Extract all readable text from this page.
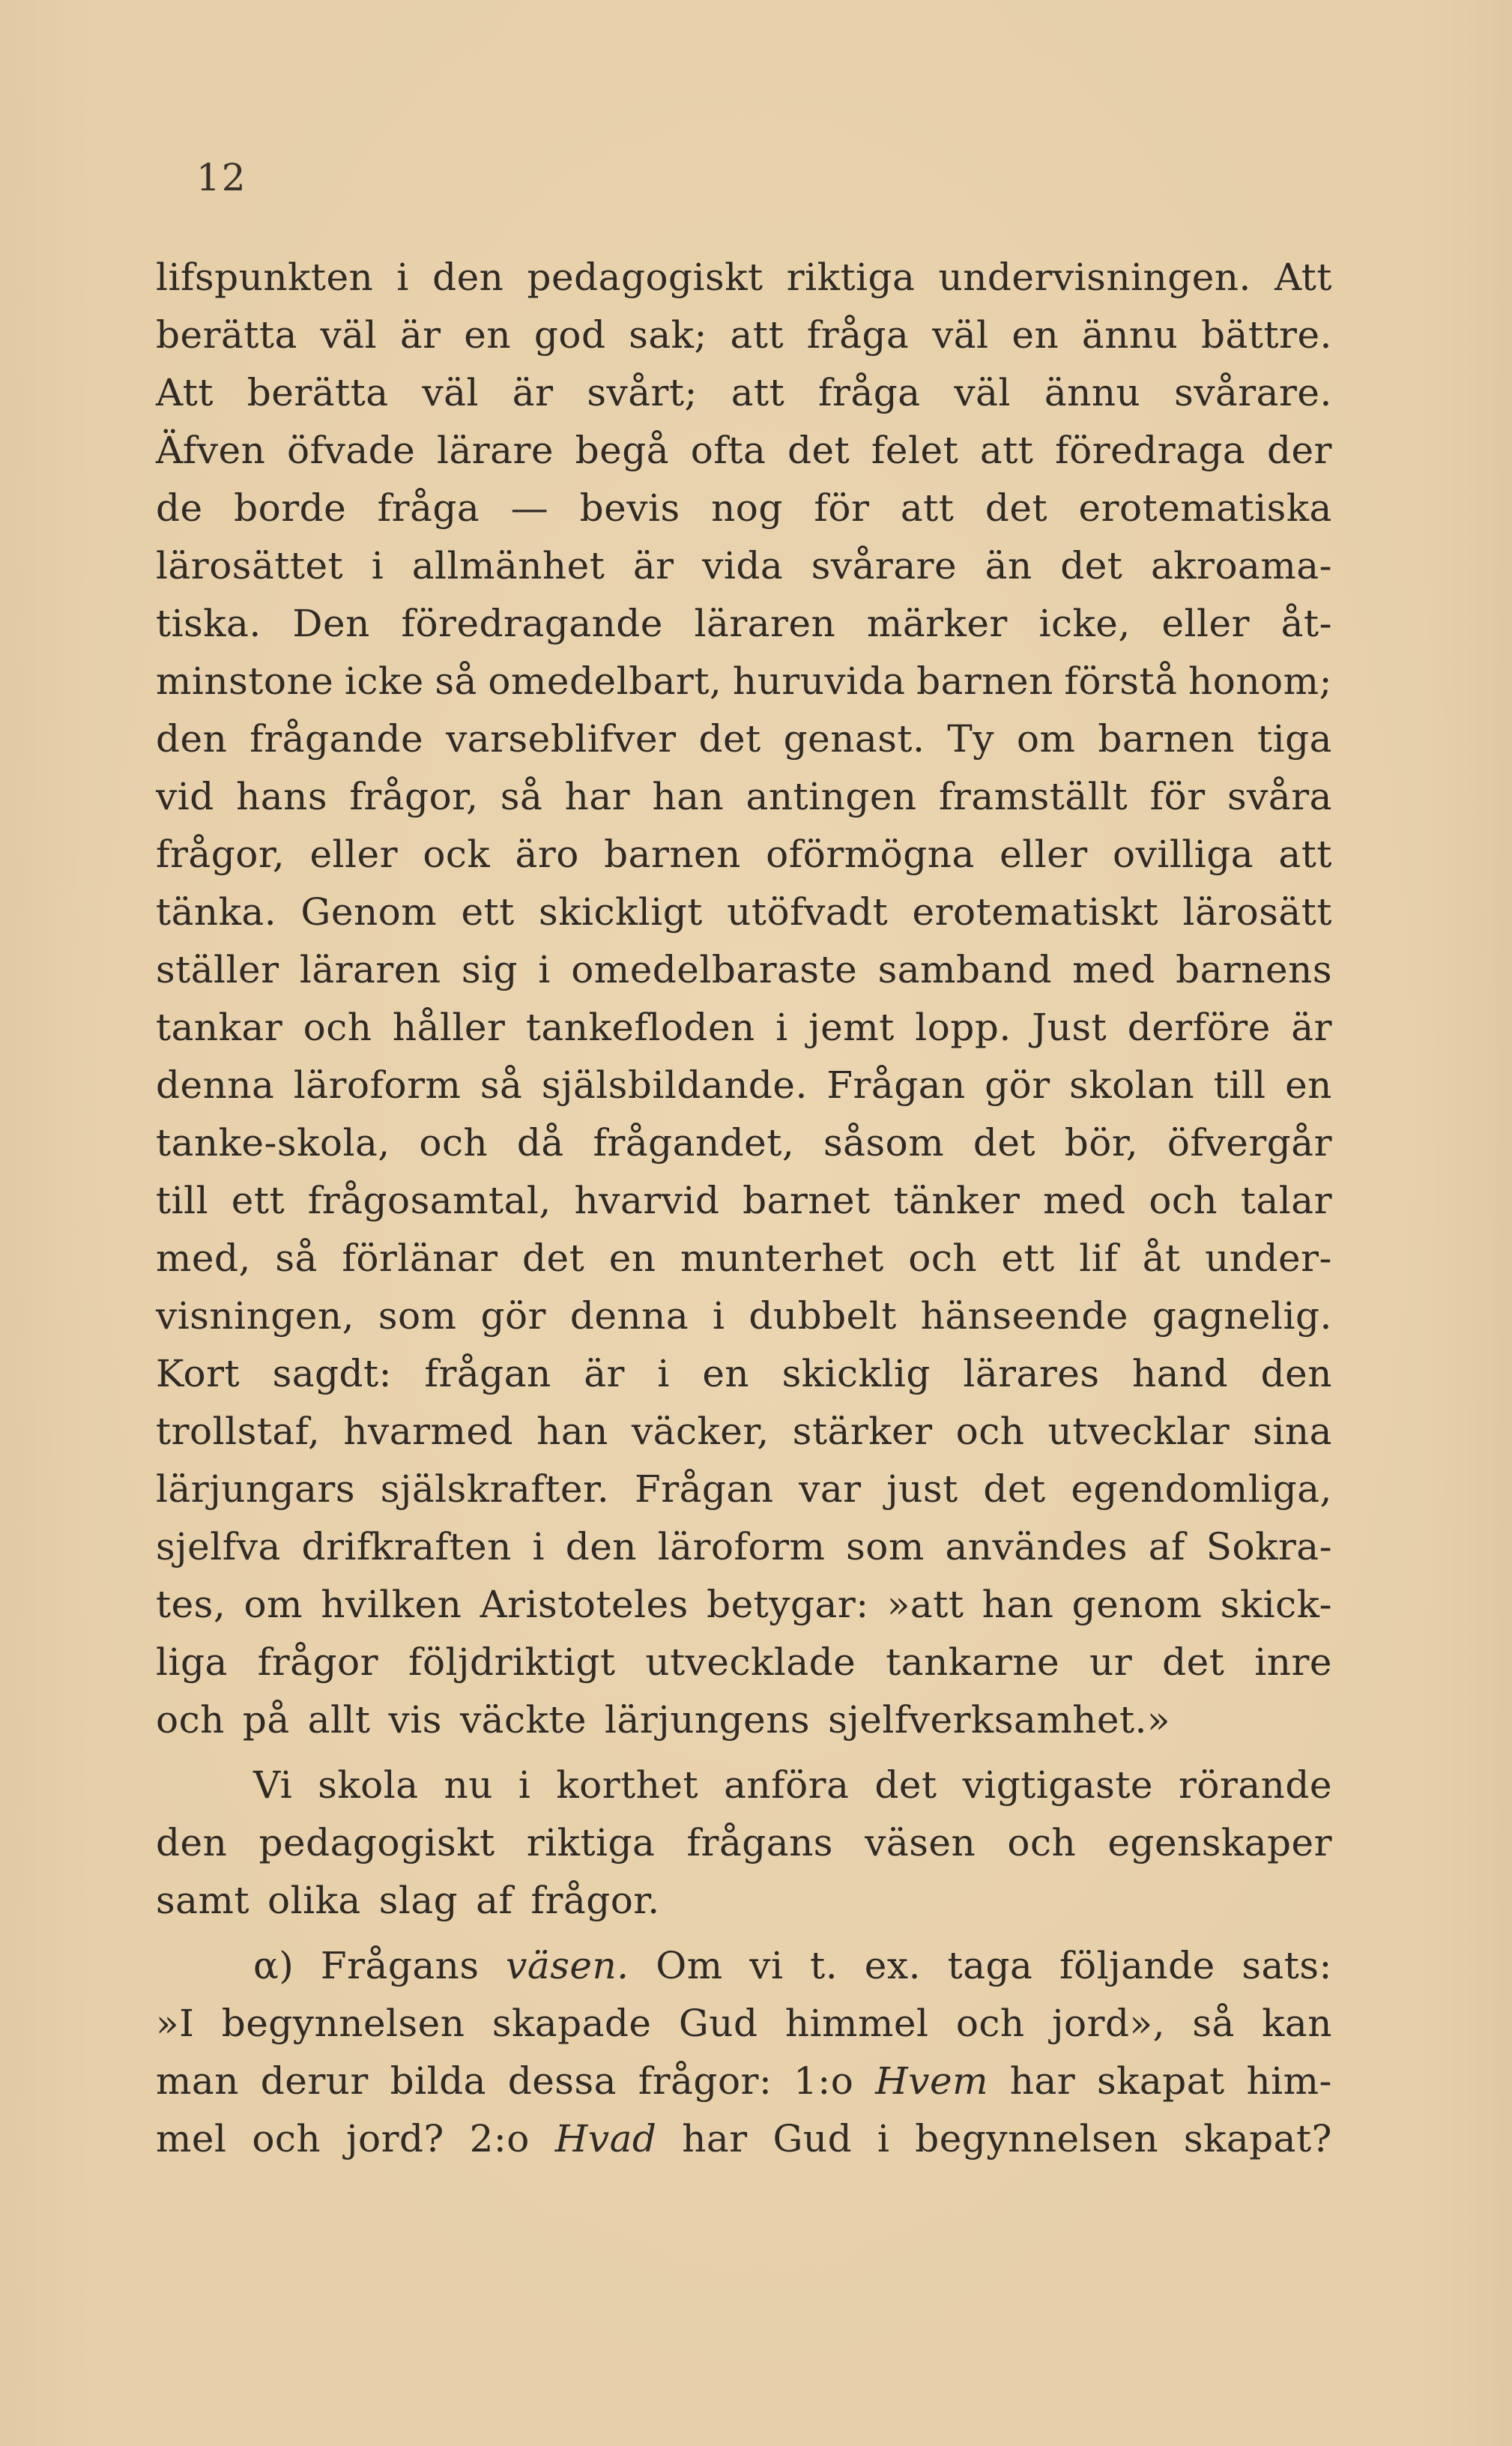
12
lifspunkten i den pedagogiskt riktiga undervisningen. Att
berätta väl är en god sak; att fråga väl en ännu bättre.
Att berätta väl är svårt; att fråga väl ännu svårare.
Äfven öfvade lärare begå ofta det felet att föredraga der
de borde fråga — bevis nog för att det erotematiska
lärosättet i allmänhet är vida svårare än det akroama-
tiska. Den föredragande läraren märker icke, eller åt-
minstone icke så omedelbart, huruvida barnen förstå honom;
den frågande varseblifver det genast. Ty om barnen tiga
vid hans frågor, så har han antingen framställt för svåra
frågor, eller ock äro barnen oförmögna eller ovilliga att
tänka. Genom ett skickligt utöfvadt erotematiskt lärosätt
ställer läraren sig i omedelbaraste samband med barnens
tankar och håller tankefloden i jemt lopp. Just derföre är
denna läroform så själsbildande. Frågan gör skolan till en
tanke-skola, och då frågandet, såsom det bör, öfvergår
till ett frågosamtal, hvarvid barnet tänker med och talar
med, så förlänar det en munterhet och ett lif åt under-
visningen, som gör denna i dubbelt hänseende gagnelig.
Kort sagdt: frågan är i en skicklig lärares hand den
trollstaf, hvarmed han väcker, stärker och utvecklar sina
lärjungars själskrafter. Frågan var just det egendomliga,
sjelfva drifkraften i den läroform som användes af Sokra-
tes, om hvilken Aristoteles betygar: »att han genom skick-
liga frågor följdriktigt utvecklade tankarne ur det inre
och på allt vis väckte lärjungens sjelfverksamhet.»
Vi skola nu i korthet anföra det vigtigaste rörande
den pedagogiskt riktiga frågans väsen och egenskaper
samt olika slag af frågor.
α) Frågans väsen. Om vi t. ex. taga följande sats:
»I begynnelsen skapade Gud himmel och jord», så kan
man derur bilda dessa frågor: 1:o Hvem har skapat him-
mel och jord? 2:o Hvad har Gud i begynnelsen skapat?
